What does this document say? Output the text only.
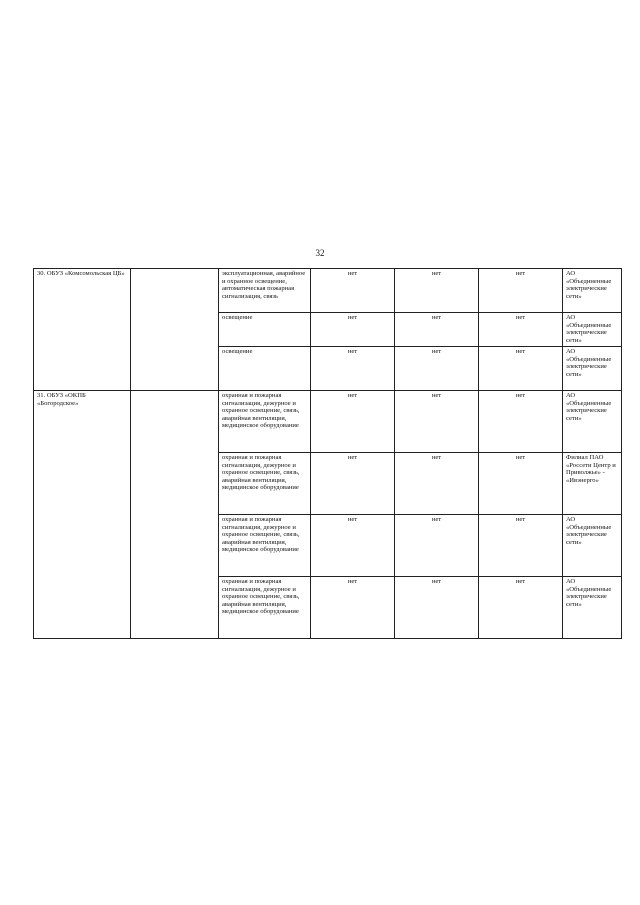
32
30. ОБУЗ «Комсомольская ЦБ»		эксплуатационная, аварийное и охранное освещение, автоматическая пожарная сигнализация, связь	нет	нет	нет	АО «Объединенные электрические сети»
		освещение	нет	нет	нет	АО «Объединенные электрические сети»
		освещение	нет	нет	нет	АО «Объединенные электрические сети»
31. ОБУЗ «ОКПБ «Богородское»		охранная и пожарная сигнализация, дежурное и охранное освещение, связь, аварийная вентиляция, медицинское оборудование	нет	нет	нет	АО «Объединенные электрические сети»
		охранная и пожарная сигнализация, дежурное и охранное освещение, связь, аварийная вентиляция, медицинское оборудование	нет	нет	нет	Филиал ПАО «Россети Центр и Приволжье» - «Ивэнерго»
		охранная и пожарная сигнализация, дежурное и охранное освещение, связь, аварийная вентиляция, медицинское оборудование	нет	нет	нет	АО «Объединенные электрические сети»
		охранная и пожарная сигнализация, дежурное и охранное освещение, связь, аварийная вентиляция, медицинское оборудование	нет	нет	нет	АО «Объединенные электрические сети»
